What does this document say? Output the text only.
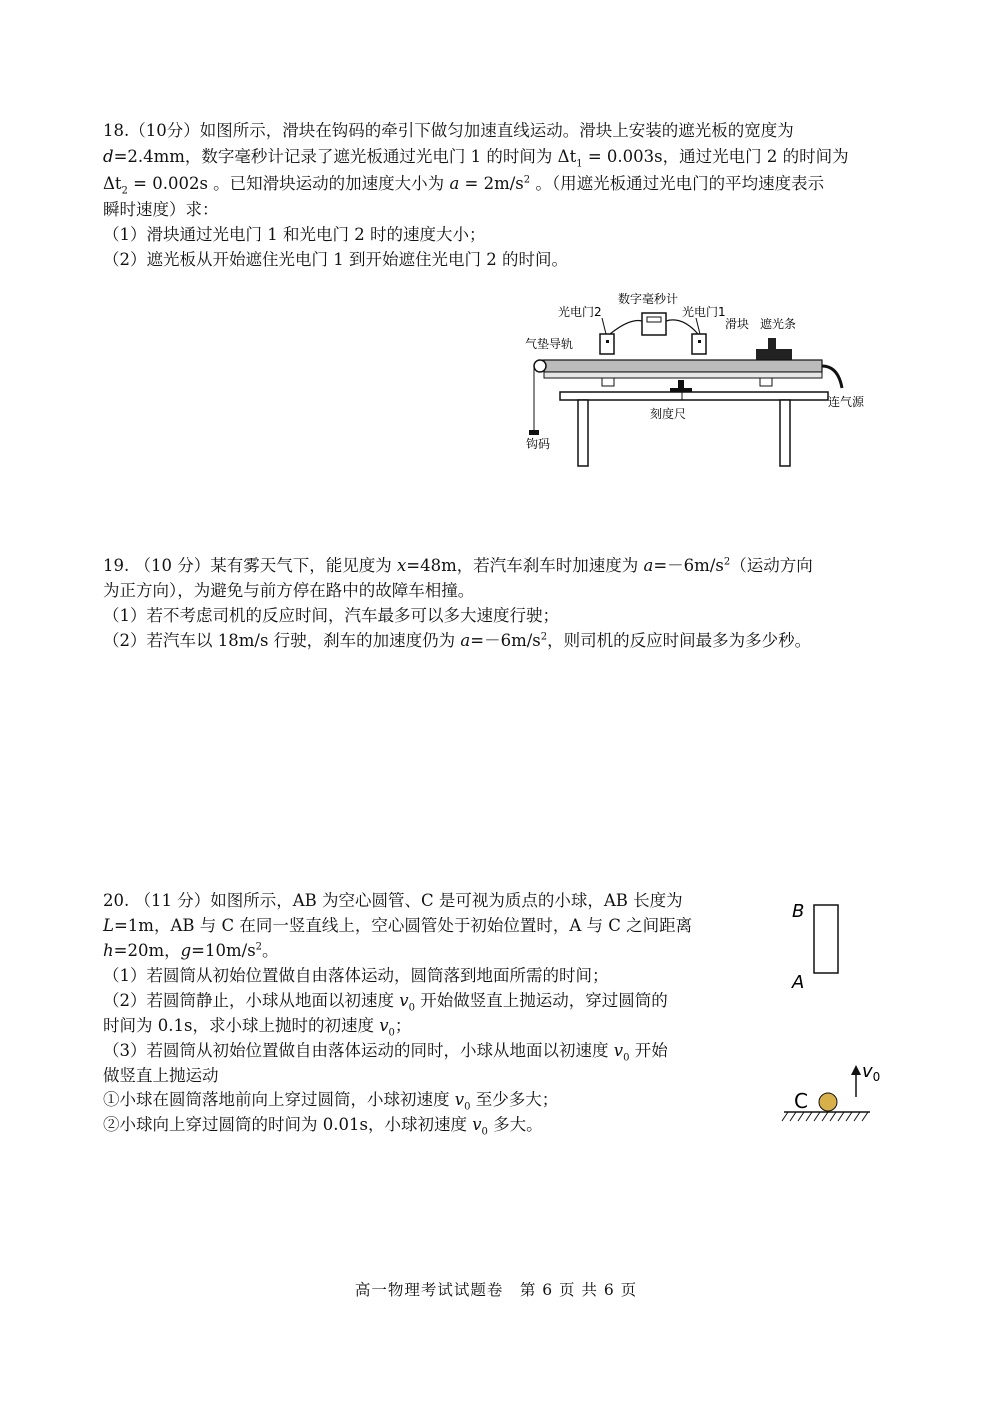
18.（10分）如图所示，滑块在钩码的牵引下做匀加速直线运动。滑块上安装的遮光板的宽度为
d=2.4mm，数字毫秒计记录了遮光板通过光电门 1 的时间为 $\Delta t_1 = 0.003s$，通过光电门 2 的时间为
$\Delta t_2 = 0.002s$ 。已知滑块运动的加速度大小为 $a = 2m/s^2$ 。（用遮光板通过光电门的平均速度表示
瞬时速度）求：
（1）滑块通过光电门 1 和光电门 2 时的速度大小；
（2）遮光板从开始遮住光电门 1 到开始遮住光电门 2 的时间。
数字毫秒计
光电门2	光电门1
滑块 遮光条
气垫导轨
钩码
连气源
刻度尺
19. （10 分）某有雾天气下，能见度为 x=48m，若汽车刹车时加速度为 $a=-6m/s^2$（运动方向
为正方向），为避免与前方停在路中的故障车相撞。
（1）若不考虑司机的反应时间，汽车最多可以多大速度行驶；
（2）若汽车以 18m/s 行驶，刹车的加速度仍为 $a=-6m/s^2$，则司机的反应时间最多为多少秒。
20. （11 分）如图所示，AB 为空心圆管、C 是可视为质点的小球，AB 长度为
L=1m，AB 与 C 在同一竖直线上，空心圆管处于初始位置时，A 与 C 之间距离
h=20m，$g=10m/s^2$。
（1）若圆筒从初始位置做自由落体运动，圆筒落到地面所需的时间；
（2）若圆筒静止，小球从地面以初速度 $v_0$ 开始做竖直上抛运动，穿过圆筒的
时间为 0.1s，求小球上抛时的初速度 $v_0$；
（3）若圆筒从初始位置做自由落体运动的同时，小球从地面以初速度 $v_0$ 开始
做竖直上抛运动
①小球在圆筒落地前向上穿过圆筒，小球初速度 $v_0$ 至少多大；
②小球向上穿过圆筒的时间为 0.01s，小球初速度 $v_0$ 多大。
B
A
$v_0$
C
高一物理考试试题卷　第 6 页 共 6 页
